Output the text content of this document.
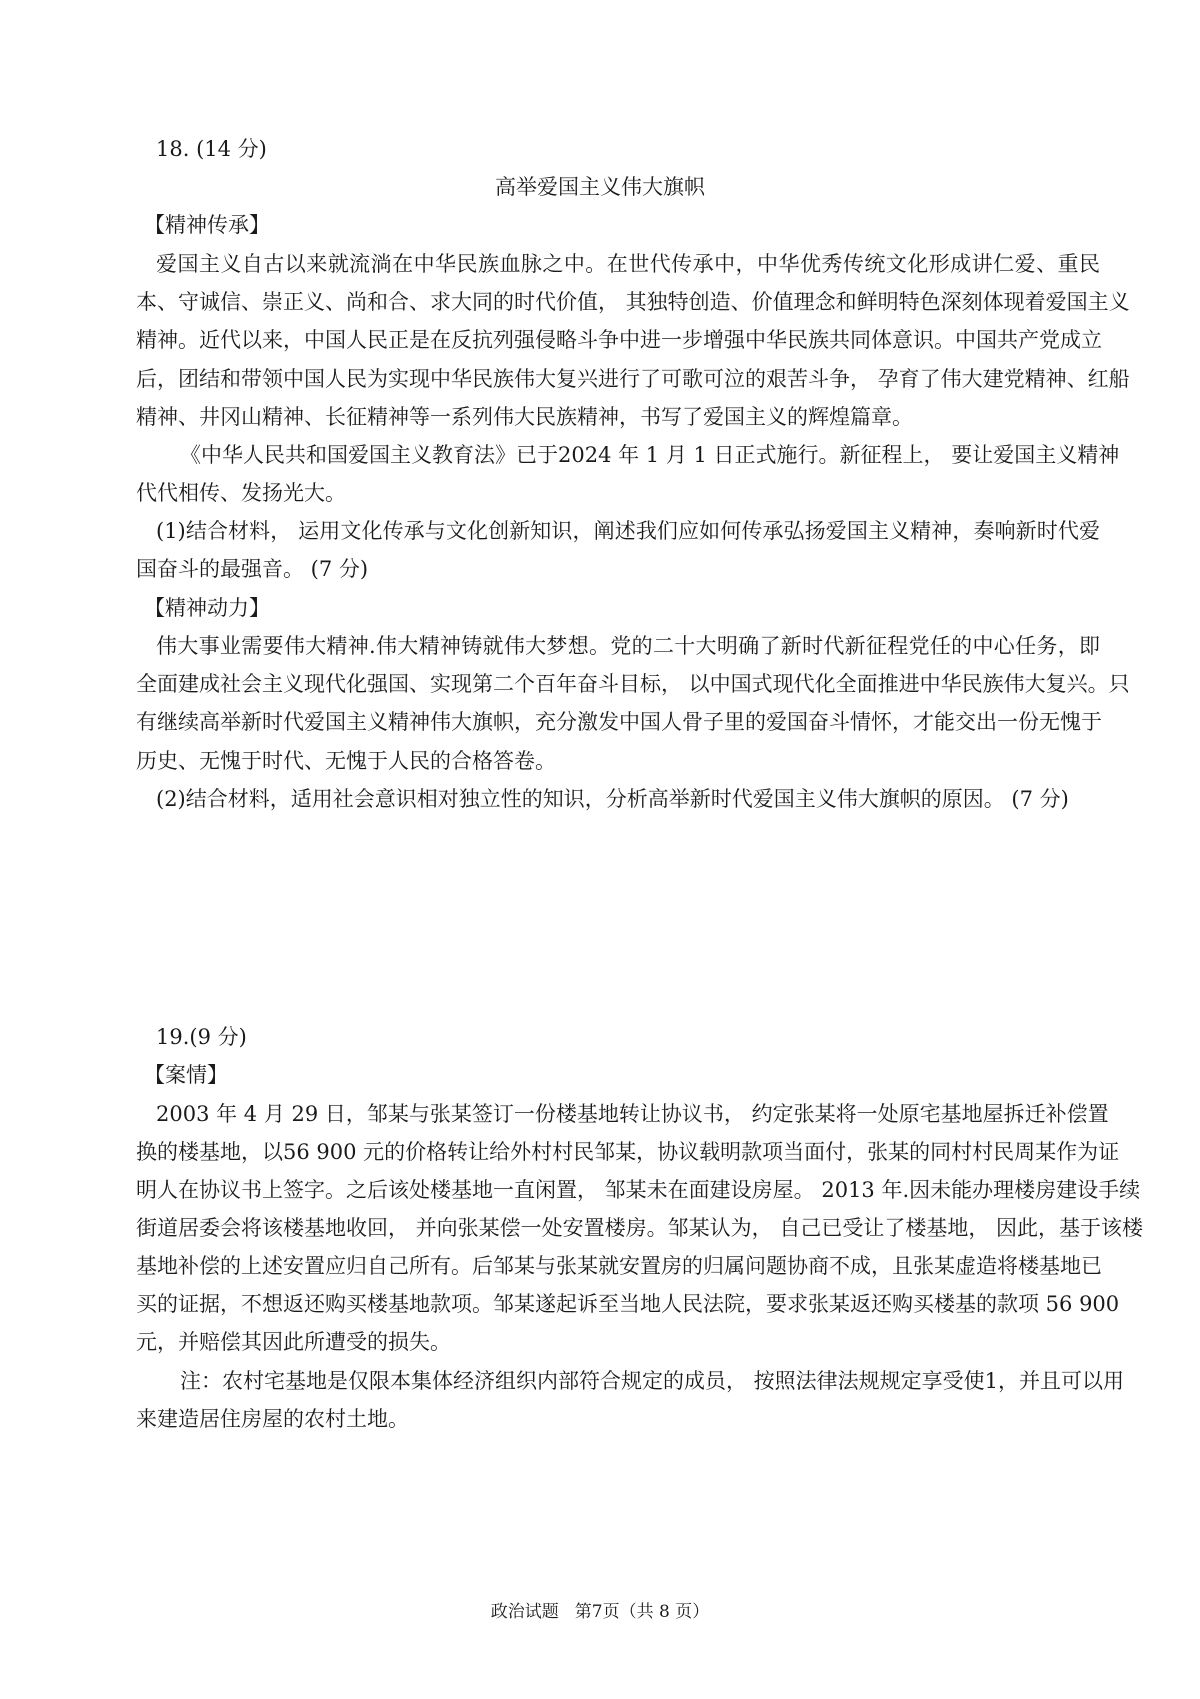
18. (14 分)
高举爱国主义伟大旗帜
【精神传承】
爱国主义自古以来就流淌在中华民族血脉之中。在世代传承中，中华优秀传统文化形成讲仁爱、重民
本、守诚信、崇正义、尚和合、求大同的时代价值， 其独特创造、价值理念和鲜明特色深刻体现着爱国主义
精神。近代以来，中国人民正是在反抗列强侵略斗争中进一步增强中华民族共同体意识。中国共产党成立
后，团结和带领中国人民为实现中华民族伟大复兴进行了可歌可泣的艰苦斗争， 孕育了伟大建党精神、红船
精神、井冈山精神、长征精神等一系列伟大民族精神，书写了爱国主义的辉煌篇章。
《中华人民共和国爱国主义教育法》已于2024 年 1 月 1 日正式施行。新征程上， 要让爱国主义精神
代代相传、发扬光大。
(1)结合材料， 运用文化传承与文化创新知识，阐述我们应如何传承弘扬爱国主义精神，奏响新时代爱
国奋斗的最强音。 (7 分)
【精神动力】
伟大事业需要伟大精神.伟大精神铸就伟大梦想。党的二十大明确了新时代新征程党任的中心任务，即
全面建成社会主义现代化强国、实现第二个百年奋斗目标， 以中国式现代化全面推进中华民族伟大复兴。只
有继续高举新时代爱国主义精神伟大旗帜，充分激发中国人骨子里的爱国奋斗情怀，才能交出一份无愧于
历史、无愧于时代、无愧于人民的合格答卷。
(2)结合材料，适用社会意识相对独立性的知识，分析高举新时代爱国主义伟大旗帜的原因。 (7 分)
19.(9 分)
【案情】
2003 年 4 月 29 日，邹某与张某签订一份楼基地转让协议书， 约定张某将一处原宅基地屋拆迁补偿置
换的楼基地，以56 900 元的价格转让给外村村民邹某，协议载明款项当面付，张某的同村村民周某作为证
明人在协议书上签字。之后该处楼基地一直闲置， 邹某未在面建设房屋。 2013 年.因未能办理楼房建设手续
街道居委会将该楼基地收回， 并向张某偿一处安置楼房。邹某认为， 自己已受让了楼基地， 因此，基于该楼
基地补偿的上述安置应归自己所有。后邹某与张某就安置房的归属问题协商不成，且张某虚造将楼基地已
买的证据，不想返还购买楼基地款项。邹某遂起诉至当地人民法院，要求张某返还购买楼基的款项 56 900
元，并赔偿其因此所遭受的损失。
注：农村宅基地是仅限本集体经济组织内部符合规定的成员， 按照法律法规规定享受使1，并且可以用
来建造居住房屋的农村土地。
政治试题 第7页（共 8 页）
